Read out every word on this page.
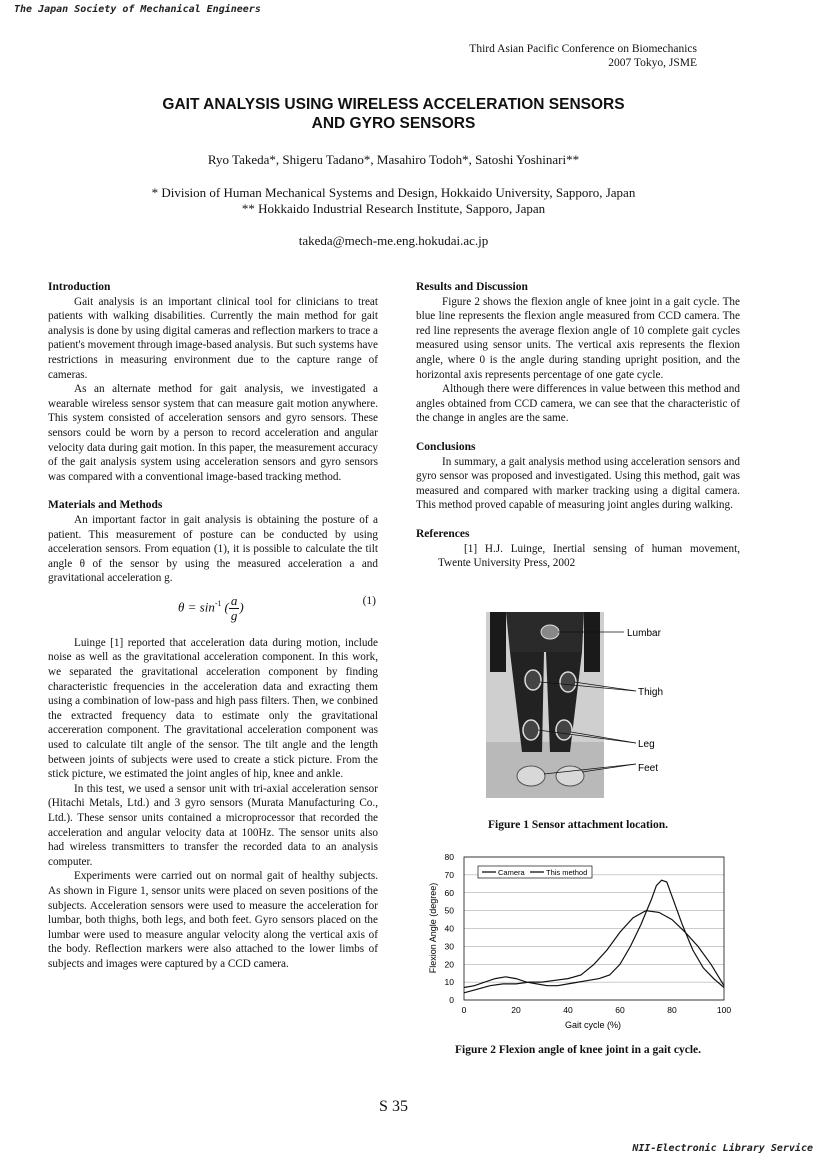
The Japan Society of Mechanical Engineers
Third Asian Pacific Conference on Biomechanics
2007 Tokyo, JSME
GAIT ANALYSIS USING WIRELESS ACCELERATION SENSORS
AND GYRO SENSORS
Ryo Takeda*, Shigeru Tadano*, Masahiro Todoh*, Satoshi Yoshinari**
* Division of Human Mechanical Systems and Design, Hokkaido University, Sapporo, Japan
** Hokkaido Industrial Research Institute, Sapporo, Japan
takeda@mech-me.eng.hokudai.ac.jp
Introduction

Gait analysis is an important clinical tool for clinicians to treat patients with walking disabilities. Currently the main method for gait analysis is done by using digital cameras and reflection markers to trace a patient's movement through image-based analysis. But such systems have restrictions in measuring environment due to the capture range of cameras.

As an alternate method for gait analysis, we investigated a wearable wireless sensor system that can measure gait motion anywhere. This system consisted of acceleration sensors and gyro sensors. These sensors could be worn by a person to record acceleration and angular velocity data during gait motion. In this paper, the measurement accuracy of the gait analysis system using acceleration sensors and gyro sensors was compared with a conventional image-based tracking method.

Materials and Methods

An important factor in gait analysis is obtaining the posture of a patient. This measurement of posture can be conducted by using acceleration sensors. From equation (1), it is possible to calculate the tilt angle θ of the sensor by using the measured acceleration a and gravitational acceleration g.

$\theta = \sin^{-1}$ ( $\frac{a}{g}$ )	(1)

Luinge [1] reported that acceleration data during motion, include noise as well as the gravitational acceleration component. In this work, we separated the gravitational acceleration component by finding characteristic frequencies in the acceleration data and exracting them using a combination of low-pass and high pass filters. Then, we conbined the extracted frequency data to estimate only the gravitational accereration component. The gravitational acceleration component was used to calculate tilt angle of the sensor. The tilt angle and the length between joints of subjects were used to create a stick picture. From the stick picture, we estimated the joint angles of hip, knee and ankle.

In this test, we used a sensor unit with tri-axial acceleration sensor (Hitachi Metals, Ltd.) and 3 gyro sensors (Murata Manufacturing Co., Ltd.). These sensor units contained a microprocessor that recorded the acceleration and angular velocity data at 100Hz. The sensor units also had wireless transmitters to transfer the recorded data to an analysis computer.

Experiments were carried out on normal gait of healthy subjects. As shown in Figure 1, sensor units were placed on seven positions of the subjects. Acceleration sensors were used to measure the acceleration for lumbar, both thighs, both legs, and both feet. Gyro sensors placed on the lumbar were used to measure angular velocity along the vertical axis of the body. Reflection markers were also attached to the lower limbs of subjects and images were captured by a CCD camera.

Results and Discussion

Figure 2 shows the flexion angle of knee joint in a gait cycle. The blue line represents the flexion angle measured from CCD camera. The red line represents the average flexion angle of 10 complete gait cycles measured using sensor units. The vertical axis represents the flexion angle, where 0 is the angle during standing upright position, and the horizontal axis represents percentage of one gate cycle.

Although there were differences in value between this method and angles obtained from CCD camera, we can see that the characteristic of the change in angles are the same.

Conclusions

In summary, a gait analysis method using acceleration sensors and gyro sensor was proposed and investigated. Using this method, gait was measured and compared with marker tracking using a digital camera. This method proved capable of measuring joint angles during walking.

References

[1] H.J. Luinge, Inertial sensing of human movement, Twente University Press, 2002

Lumbar
Thigh
Leg
Feet
Figure 1 Sensor attachment location.
0
10
20
30
40
50
60
70
80
0	20	40	60	80	100
Gait cycle (%)
Flexion Angle (degree)
Camera	This method
Figure 2 Flexion angle of knee joint in a gait cycle.
S 35
NII-Electronic Library Service
